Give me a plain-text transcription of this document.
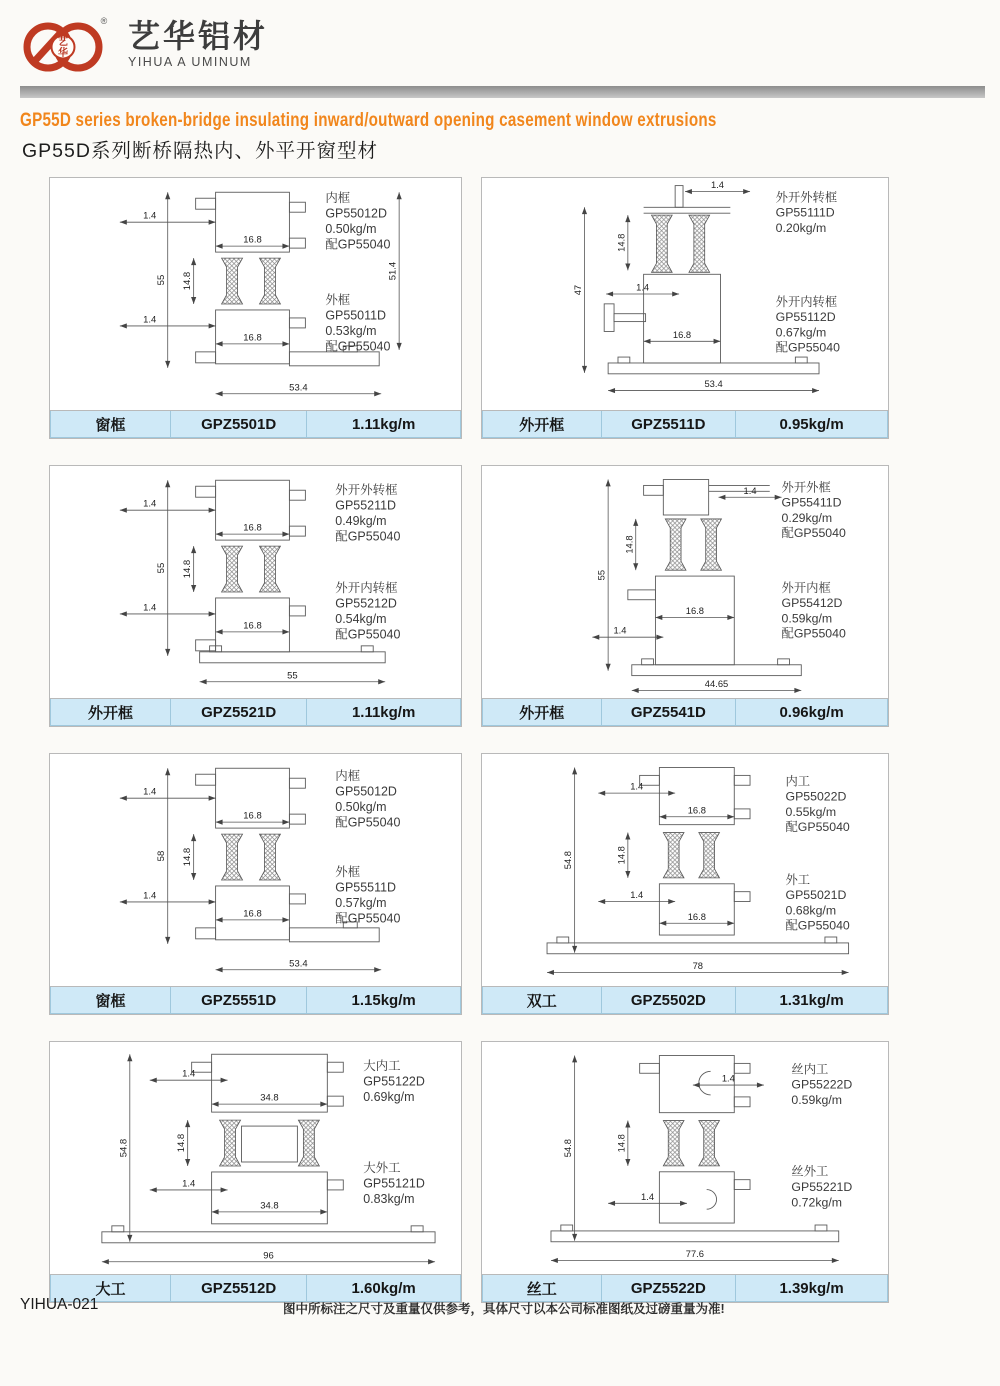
艺
华
® 艺华铝材
YIHUA A UMINUM
GP55D series broken-bridge insulating inward/outward opening casement window extrusions
GP55D系列断桥隔热内、外平开窗型材
55 14.8
1.4
16.8
1.4
16.8
53.4
51.4
内框
GP55012D
0.50kg/m
配GP55040
外框
GP55011D
0.53kg/m
配GP55040
窗框	GPZ5501D	1.11kg/m
1.4
47
14.8
1.4
16.8
53.4
外开外转框
GP55111D
0.20kg/m
外开内转框
GP55112D
0.67kg/m
配GP55040
外开框	GPZ5511D	0.95kg/m
55 14.8
1.4
16.8
1.4
16.8
55
外开外转框
GP55211D
0.49kg/m
配GP55040
外开内转框
GP55212D
0.54kg/m
配GP55040
外开框	GPZ5521D	1.11kg/m
1.4
55
14.8
16.8
1.4
44.65
外开外框
GP55411D
0.29kg/m
配GP55040
外开内框
GP55412D
0.59kg/m
配GP55040
外开框	GPZ5541D	0.96kg/m
58 14.8
1.4
16.8
1.4
16.8
53.4
内框
GP55012D
0.50kg/m
配GP55040
外框
GP55511D
0.57kg/m
配GP55040
窗框	GPZ5551D	1.15kg/m
54.8	14.8
78
1.4
16.8
1.4
16.8
内工
GP55022D
0.55kg/m
配GP55040
外工
GP55021D
0.68kg/m
配GP55040
双工	GPZ5502D	1.31kg/m
54.8	14.8
96
1.4
34.8
1.4
34.8
大内工
GP55122D
0.69kg/m
大外工
GP55121D
0.83kg/m
大工	GPZ5512D	1.60kg/m
54.8	14.8
77.6
1.4
1.4
丝内工
GP55222D
0.59kg/m
丝外工
GP55221D
0.72kg/m
丝工	GPZ5522D	1.39kg/m
YIHUA-021	图中所标注之尺寸及重量仅供参考，具体尺寸以本公司标准图纸及过磅重量为准!
